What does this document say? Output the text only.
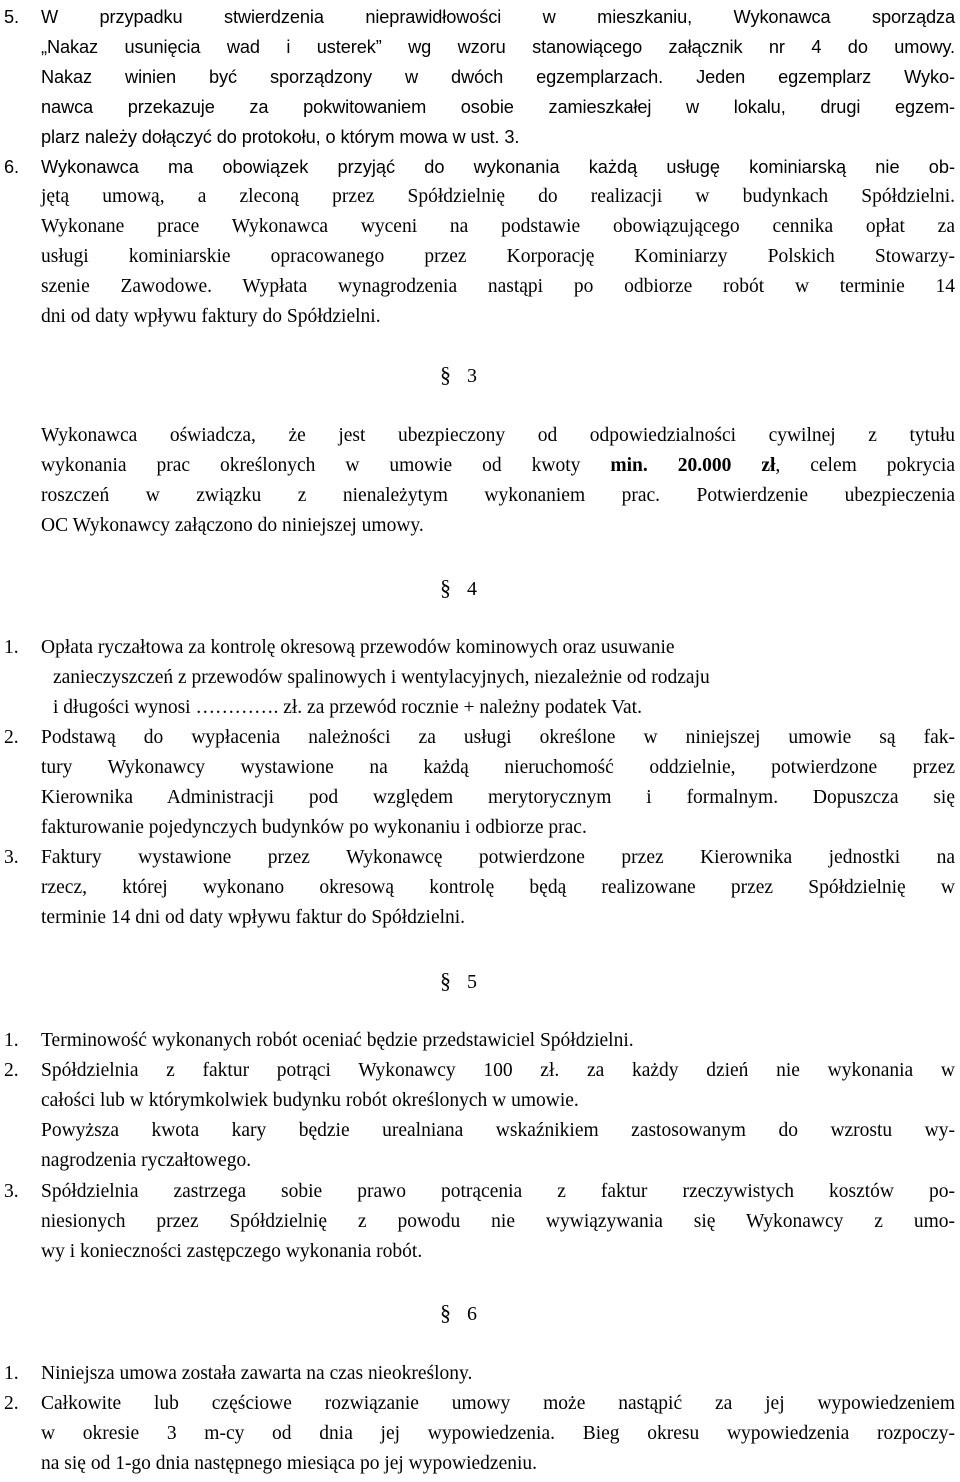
5.	W przypadku stwierdzenia nieprawidłowości w mieszkaniu, Wykonawca sporządza
„Nakaz usunięcia wad i usterek” wg wzoru stanowiącego załącznik nr 4 do umowy.
Nakaz winien być sporządzony w dwóch egzemplarzach. Jeden egzemplarz Wyko-
nawca przekazuje za pokwitowaniem osobie zamieszkałej w lokalu, drugi egzem-
plarz należy dołączyć do protokołu, o którym mowa w ust. 3.
6.	Wykonawca ma obowiązek przyjąć do wykonania każdą usługę kominiarską nie ob-
jętą umową, a zleconą przez Spółdzielnię do realizacji w budynkach Spółdzielni.
Wykonane prace Wykonawca wyceni na podstawie obowiązującego cennika opłat za
usługi kominiarskie opracowanego przez Korporację Kominiarzy Polskich Stowarzy-
szenie Zawodowe. Wypłata wynagrodzenia nastąpi po odbiorze robót w terminie 14
dni od daty wpływu faktury do Spółdzielni.
§ 3
Wykonawca oświadcza, że jest ubezpieczony od odpowiedzialności cywilnej z tytułu
wykonania prac określonych w umowie od kwoty min. 20.000 zł, celem pokrycia
roszczeń w związku z nienależytym wykonaniem prac. Potwierdzenie ubezpieczenia
OC Wykonawcy załączono do niniejszej umowy.
§ 4
1.	Opłata ryczałtowa za kontrolę okresową przewodów kominowych oraz usuwanie
zanieczyszczeń z przewodów spalinowych i wentylacyjnych, niezależnie od rodzaju
i długości wynosi …………. zł. za przewód rocznie + należny podatek Vat.
2.	Podstawą do wypłacenia należności za usługi określone w niniejszej umowie są fak-
tury Wykonawcy wystawione na każdą nieruchomość oddzielnie, potwierdzone przez
Kierownika Administracji pod względem merytorycznym i formalnym. Dopuszcza się
fakturowanie pojedynczych budynków po wykonaniu i odbiorze prac.
3.	Faktury wystawione przez Wykonawcę potwierdzone przez Kierownika jednostki na
rzecz, której wykonano okresową kontrolę będą realizowane przez Spółdzielnię w
terminie 14 dni od daty wpływu faktur do Spółdzielni.
§ 5
1.	Terminowość wykonanych robót oceniać będzie przedstawiciel Spółdzielni.
2.	Spółdzielnia z faktur potrąci Wykonawcy 100 zł. za każdy dzień nie wykonania w
całości lub w którymkolwiek budynku robót określonych w umowie.
Powyższa kwota kary będzie urealniana wskaźnikiem zastosowanym do wzrostu wy-
nagrodzenia ryczałtowego.
3.	Spółdzielnia zastrzega sobie prawo potrącenia z faktur rzeczywistych kosztów po-
niesionych przez Spółdzielnię z powodu nie wywiązywania się Wykonawcy z umo-
wy i konieczności zastępczego wykonania robót.
§ 6
1.	Niniejsza umowa została zawarta na czas nieokreślony.
2.	Całkowite lub częściowe rozwiązanie umowy może nastąpić za jej wypowiedzeniem
w okresie 3 m-cy od dnia jej wypowiedzenia. Bieg okresu wypowiedzenia rozpoczy-
na się od 1-go dnia następnego miesiąca po jej wypowiedzeniu.
